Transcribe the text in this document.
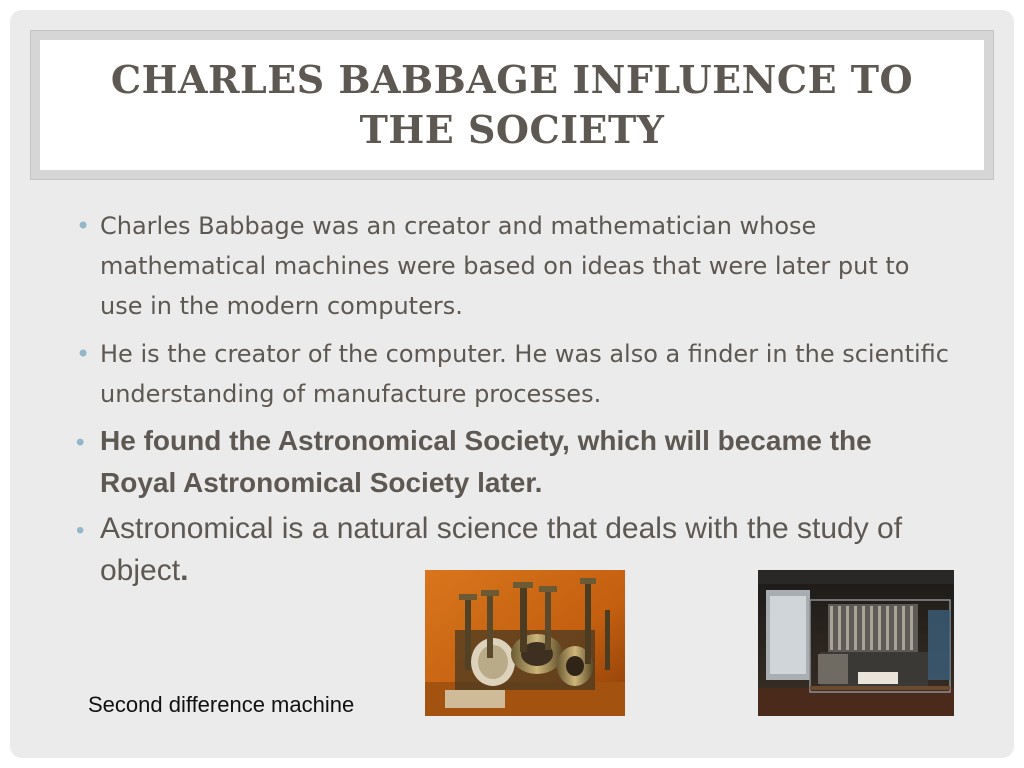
CHARLES BABBAGE INFLUENCE TO THE SOCIETY
• Charles Babbage was an creator and mathematician whose mathematical machines were based on ideas that were later put to use in the modern computers.
• He is the creator of the computer. He was also a finder in the scientific understanding of manufacture processes.
• He found the Astronomical Society, which will became the Royal Astronomical Society later.
• Astronomical is a natural science that deals with the study of object.
Second difference machine
